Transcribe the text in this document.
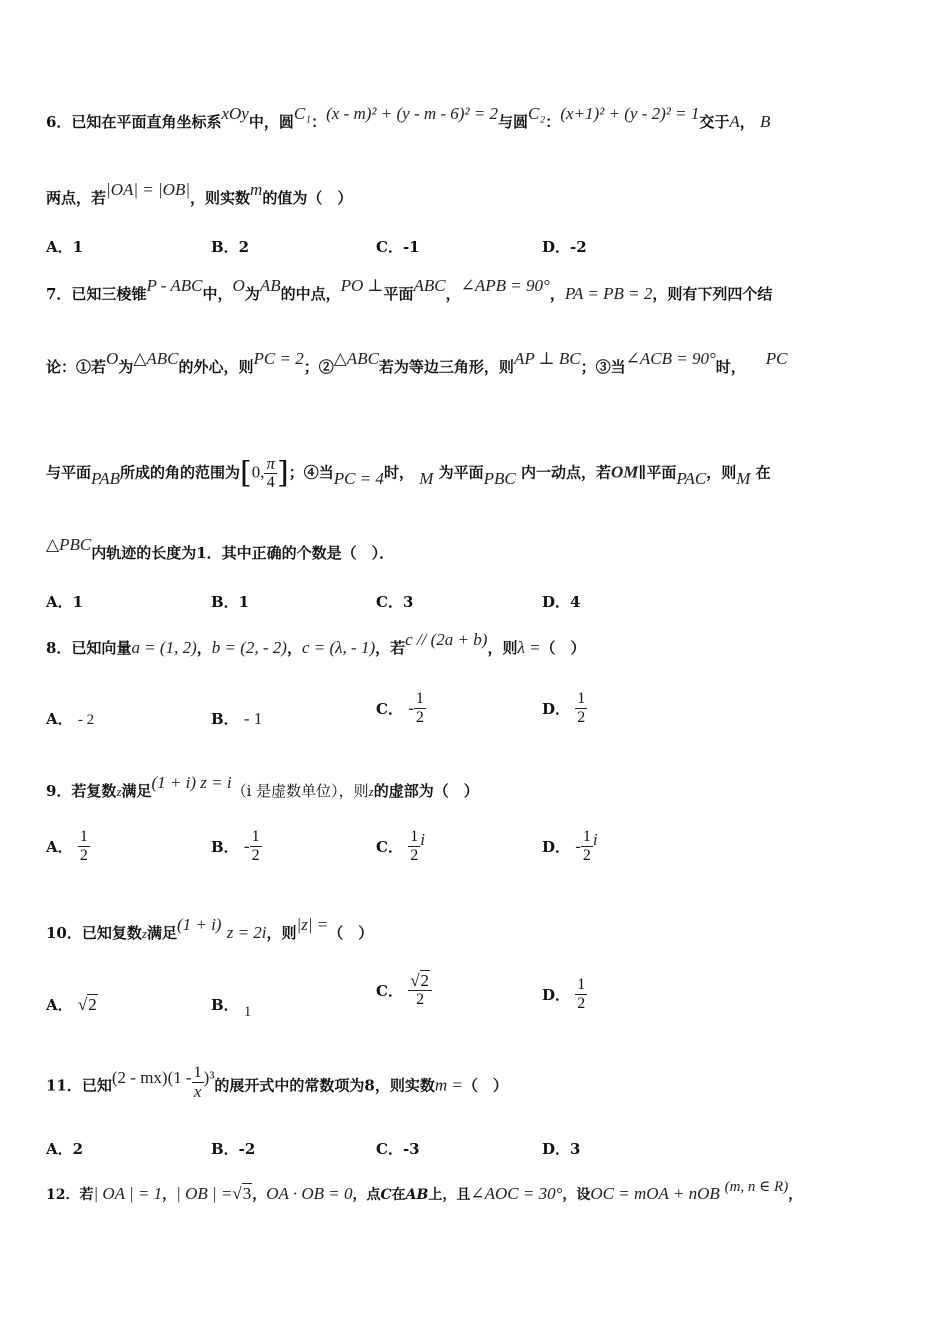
6．已知在平面直角坐标系xOy中，圆C₁：(x - m)² + (y - m - 6)² = 2与圆C₂：(x+1)² + (y - 2)² = 1交于A， B
两点，若|OA| = |OB|，则实数m的值为（　）
A．1	B．2	C．-1	D．-2
7．已知三棱锥P - ABC中，O为AB的中点，PO ⊥平面ABC，∠APB = 90°，PA = PB = 2，则有下列四个结
论：①若O为△ABC的外心，则PC = 2；②△ABC若为等边三角形，则AP ⊥ BC；③当∠ACB = 90°时， PC
与平面PAB所成的角的范围为[0, $\frac{\pi}{4}$ ]；④当PC = 4时， M 为平面PBC 内一动点，若OM∥平面PAC，则M 在
△PBC内轨迹的长度为1．其中正确的个数是（　）．
A．1	B．1	C．3	D．4
8．已知向量a = (1, 2)，b = (2, - 2)，c = (λ, - 1)，若c // (2a + b)，则λ =（　）
A． - 2	B． - 1	C． - $\frac{1}{2}$	D． $\frac{1}{2}$
9．若复数z满足(1 + i) z = i（i 是虚数单位），则z的虚部为（　）
A． $\frac{1}{2}$	B． - $\frac{1}{2}$	C． $\frac{1}{2}$ i	D． - $\frac{1}{2}$ i
10．已知复数z满足(1 + i) z = 2i，则|z| =（　）
A． √2	B． 1
C． $\frac{√2}{2}$	D． $\frac{1}{2}$
11．已知$(2 - mx)(1 - \frac{1}{x} )^3$的展开式中的常数项为8，则实数m =（　）
A．2	B．-2	C．-3	D．3
12．若| OA | = 1，| OB | =√3，OA · OB = 0，点C在AB上，且∠AOC = 30°，设OC = mOA + nOB (m, n ∈ R)，
